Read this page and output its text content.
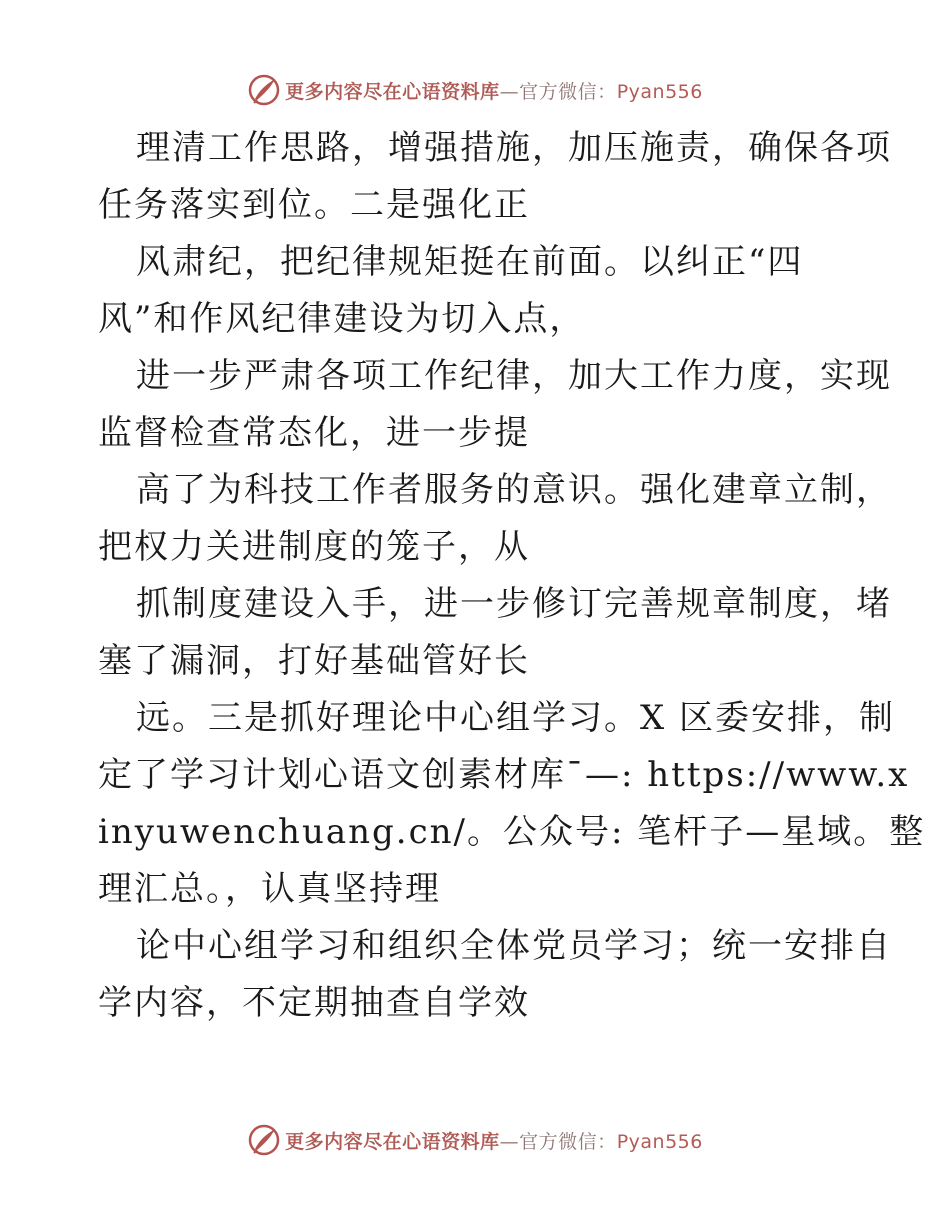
更多内容尽在心语资料库—官方微信：Pyan556
理清工作思路，增强措施，加压施责，确保各项
任务落实到位。二是强化正
风肃纪，把纪律规矩挺在前面。以纠正“四
风”和作风纪律建设为切入点，
进一步严肃各项工作纪律，加大工作力度，实现
监督检查常态化，进一步提
高了为科技工作者服务的意识。强化建章立制，
把权力关进制度的笼子，从
抓制度建设入手，进一步修订完善规章制度，堵
塞了漏洞，打好基础管好长
远。三是抓好理论中心组学习。X 区委安排，制
定了学习计划心语文创素材库¯—: https://www.x
inyuwenchuang.cn/。公众号: 笔杆子—星域。整
理汇总。，认真坚持理
论中心组学习和组织全体党员学习；统一安排自
学内容，不定期抽查自学效
更多内容尽在心语资料库—官方微信：Pyan556
